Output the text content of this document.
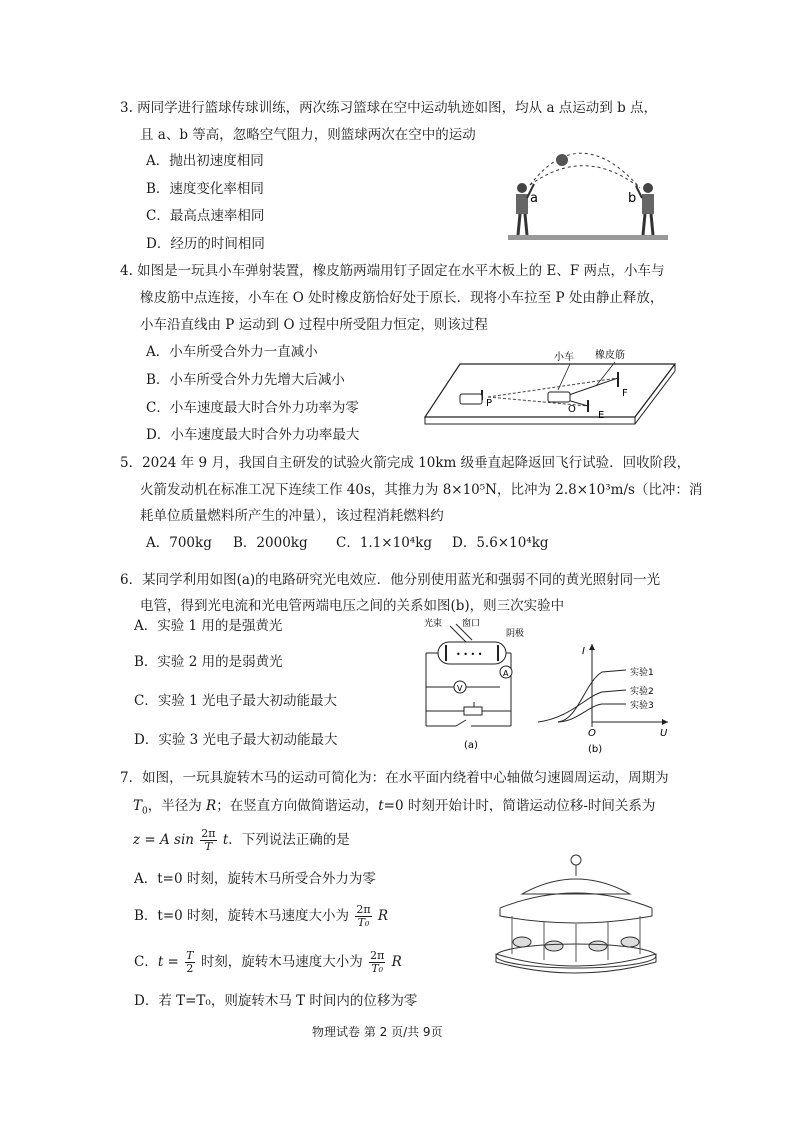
3. 两同学进行篮球传球训练，两次练习篮球在空中运动轨迹如图，均从 a 点运动到 b 点，
且 a、b 等高，忽略空气阻力，则篮球两次在空中的运动
A．抛出初速度相同
B．速度变化率相同
C．最高点速率相同
D．经历的时间相同
a	b
4. 如图是一玩具小车弹射装置，橡皮筋两端用钉子固定在水平木板上的 E、F 两点，小车与
橡皮筋中点连接，小车在 O 处时橡皮筋恰好处于原长．现将小车拉至 P 处由静止释放，
小车沿直线由 P 运动到 O 过程中所受阻力恒定，则该过程
A．小车所受合外力一直减小
B．小车所受合外力先增大后减小
C．小车速度最大时合外力功率为零
D．小车速度最大时合外力功率最大
小车 橡皮筋
P
O
E
F
5．2024 年 9 月，我国自主研发的试验火箭完成 10km 级垂直起降返回飞行试验．回收阶段，
火箭发动机在标准工况下连续工作 40s，其推力为 8×10⁵N，比冲为 2.8×10³m/s（比冲：消
耗单位质量燃料所产生的冲量），该过程消耗燃料约
A．700kg B．2000kg C．1.1×10⁴kg D．5.6×10⁴kg
6．某同学利用如图(a)的电路研究光电效应．他分别使用蓝光和强弱不同的黄光照射同一光
电管，得到光电流和光电管两端电压之间的关系如图(b)，则三次实验中
A．实验 1 用的是强黄光
B．实验 2 用的是弱黄光
C．实验 1 光电子最大初动能最大
D．实验 3 光电子最大初动能最大
光束 窗口
阴极
• • • •
V
A
(a)
I
U
O
实验1
实验2
实验3
(b)
7．如图，一玩具旋转木马的运动可简化为：在水平面内绕着中心轴做匀速圆周运动，周期为
$T_0$，半径为 R；在竖直方向做简谐运动，t=0 时刻开始计时，简谐运动位移-时间关系为
z = A $\sin \frac{2\pi}{T}$ t．下列说法正确的是
A．t=0 时刻，旋转木马所受合外力为零
B．t=0 时刻，旋转木马速度大小为 $\frac{2\pi}{\text{T₀}}$ R
C．$t = \frac{T}{2}$ 时刻，旋转木马速度大小为 $\frac{2\pi}{\text{T₀}}$ R
D．若 T=T₀，则旋转木马 T 时间内的位移为零
物理试卷 第 2 页/共 9页
